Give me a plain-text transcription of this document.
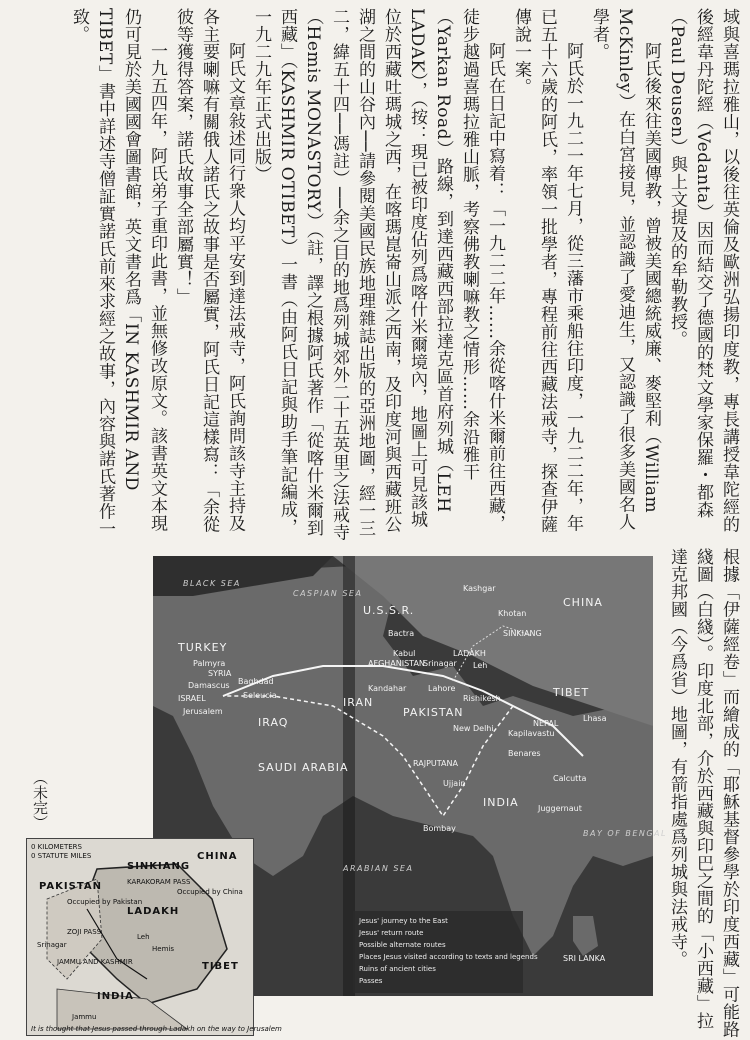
域與喜瑪拉雅山，以後往英倫及歐洲弘揚印度教，專長講授韋陀經的後經韋丹陀經（Vedanta）因而結交了德國的梵文學家保羅・都森（Paul Deusen）與上文提及的牟勒教授。

阿氏後來往美國傳教，曾被美國總統威廉、麥堅利（William McKinley）在白宮接見，並認識了愛迪生，又認識了很多美國名人學者。

阿氏於一九二一年七月，從三藩市乘船往印度，一九二二年，年已五十六歲的阿氏，率領一批學者，專程前往西藏法戒寺，探查伊薩傳說一案。

阿氏在日記中寫着：「一九二二年……余從喀什米爾前往西藏，徒步越過喜瑪拉雅山脈，考察佛教喇嘛教之情形……余沿雅干（Yarkan Road）路線，到達西藏西部拉達克區首府列城（LEH LADAK），（按：現已被印度佔列爲喀什米爾境內，地圖上可見該城位於西藏吐瑪城之西，在喀瑪崑崙山派之西南，及印度河與西藏班公湖之間的山谷內──請參閱美國民族地理雜誌出版的亞洲地圖，經一三二，緯五十四──馮註）──余之目的地爲列城郊外二十五英里之法戒寺（Hemis MONASTORY）（註，譯之根據阿氏著作「從喀什米爾到西藏」（KASHMIR OTIBET）一書（由阿氏日記與助手筆記編成，一九二九年正式出版）

阿氏文章敍述同行衆人均平安到達法戒寺，阿氏詢問該寺主持及各主要喇嘛有關俄人諾氏之故事是否屬實，阿氏日記這樣寫：「余從彼等獲得答案，諾氏故事全部屬實！」

一九五四年，阿氏弟子重印此書，並無修改原文。該書英文本現仍可見於美國國會圖書館，英文書名爲「IN KASHMIR AND TIBET」書中詳述寺僧証實諾氏前來求經之故事，內容與諾氏著作一致。

U.S.S.R.
CHINA
TURKEY
SYRIA
IRAQ
IRAN
SAUDI ARABIA
AFGHANISTAN
PAKISTAN
INDIA
TIBET
NEPAL
SINKIANG
LADAKH
RAJPUTANA
ISRAEL
BLACK SEA
CASPIAN SEA
ARABIAN SEA
BAY OF BENGAL
Kashgar
Khotan
Palmyra
Baghdad
Damascus
Seleucia
Jerusalem
Bactra
Kabul
Srinagar Leh
Lahore
Kandahar
Rishikesh
Lhasa
New Delhi
Kapilavastu
Benares
Ujjain
Calcutta
Juggernaut
Bombay
SRI LANKA
Jesus' journey to the East
Jesus' return route
Possible alternate routes
Places Jesus visited according to texts and legends
Ruins of ancient cities
Passes
0 KILOMETERS
0 STATUTE MILES
SINKIANG
CHINA
PAKISTAN
LADAKH
TIBET
JAMMU AND KASHMIR
INDIA
Occupied by Pakistan
Occupied by China
KARAKORAM PASS
ZOJI PASS
Srinagar
Leh
Hemis
Jammu
It is thought that Jesus passed through Ladakh on the way to Jerusalem	根據「伊薩經卷」而繪成的「耶穌基督參學於印度西藏」可能路綫圖（白綫）。印度北部，介於西藏與印巴之間的「小西藏」拉達克邦國（今爲省）地圖，有箭指處爲列城與法戒寺。
（未完）
